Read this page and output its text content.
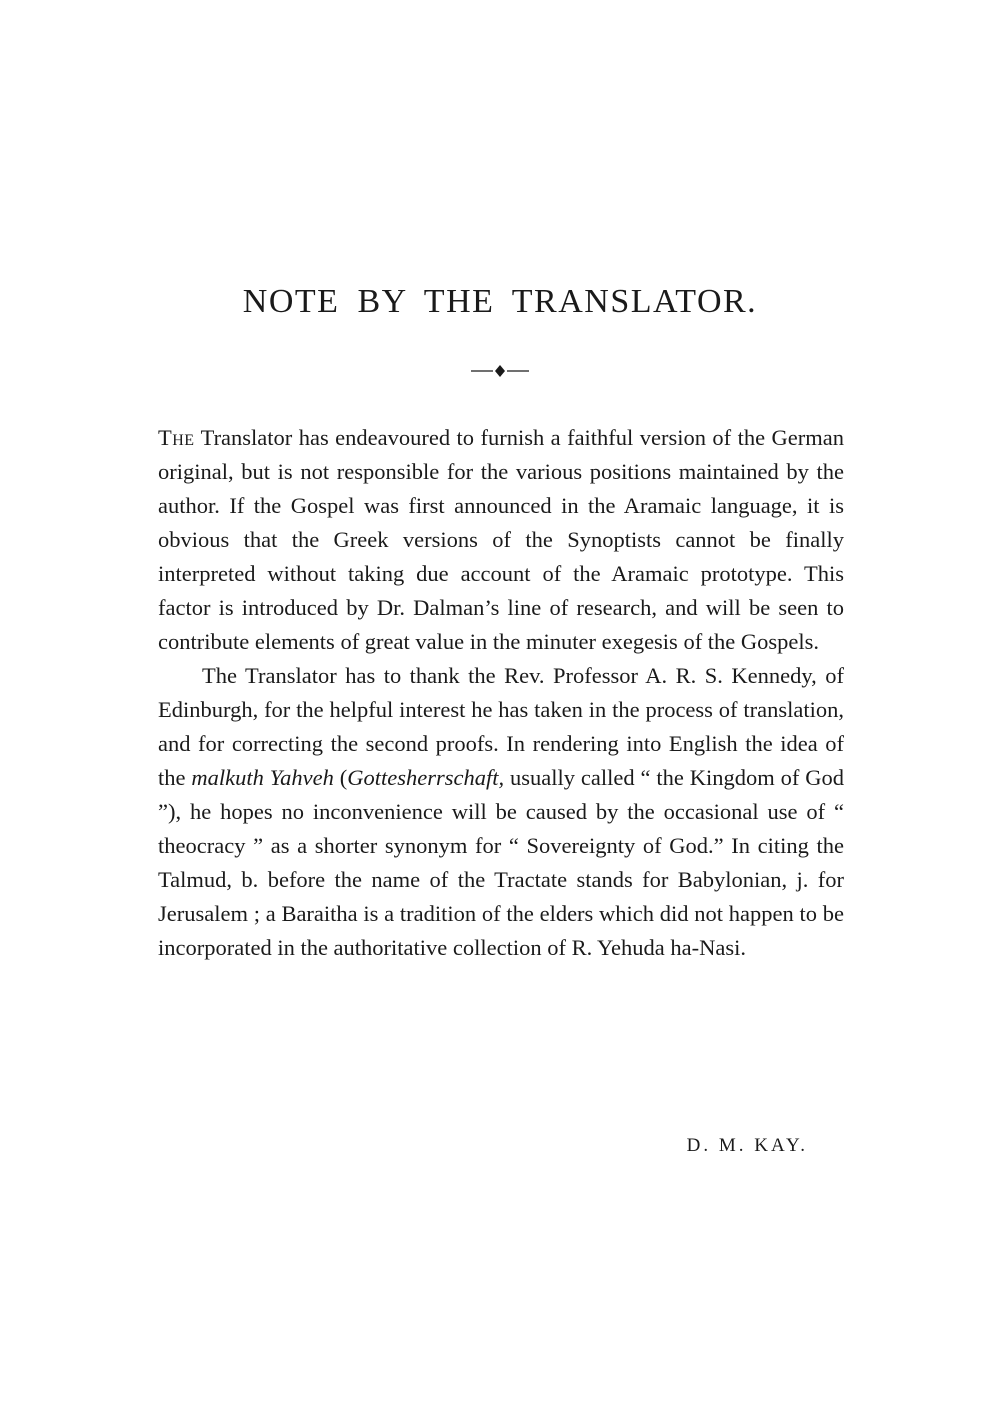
NOTE BY THE TRANSLATOR.

The Translator has endeavoured to furnish a faithful version of the German original, but is not responsible for the various positions maintained by the author. If the Gospel was first announced in the Aramaic language, it is obvious that the Greek versions of the Synoptists cannot be finally interpreted without taking due account of the Aramaic prototype. This factor is introduced by Dr. Dalman’s line of research, and will be seen to contribute elements of great value in the minuter exegesis of the Gospels.

The Translator has to thank the Rev. Professor A. R. S. Kennedy, of Edinburgh, for the helpful interest he has taken in the process of translation, and for correcting the second proofs. In rendering into English the idea of the malkuth Yahveh (Gottesherrschaft, usually called “ the Kingdom of God ”), he hopes no inconvenience will be caused by the occasional use of “ theocracy ” as a shorter synonym for “ Sovereignty of God.” In citing the Talmud, b. before the name of the Tractate stands for Babylonian, j. for Jerusalem ; a Baraitha is a tradition of the elders which did not happen to be incorporated in the authoritative collection of R. Yehuda ha-Nasi.

D. M. KAY.
